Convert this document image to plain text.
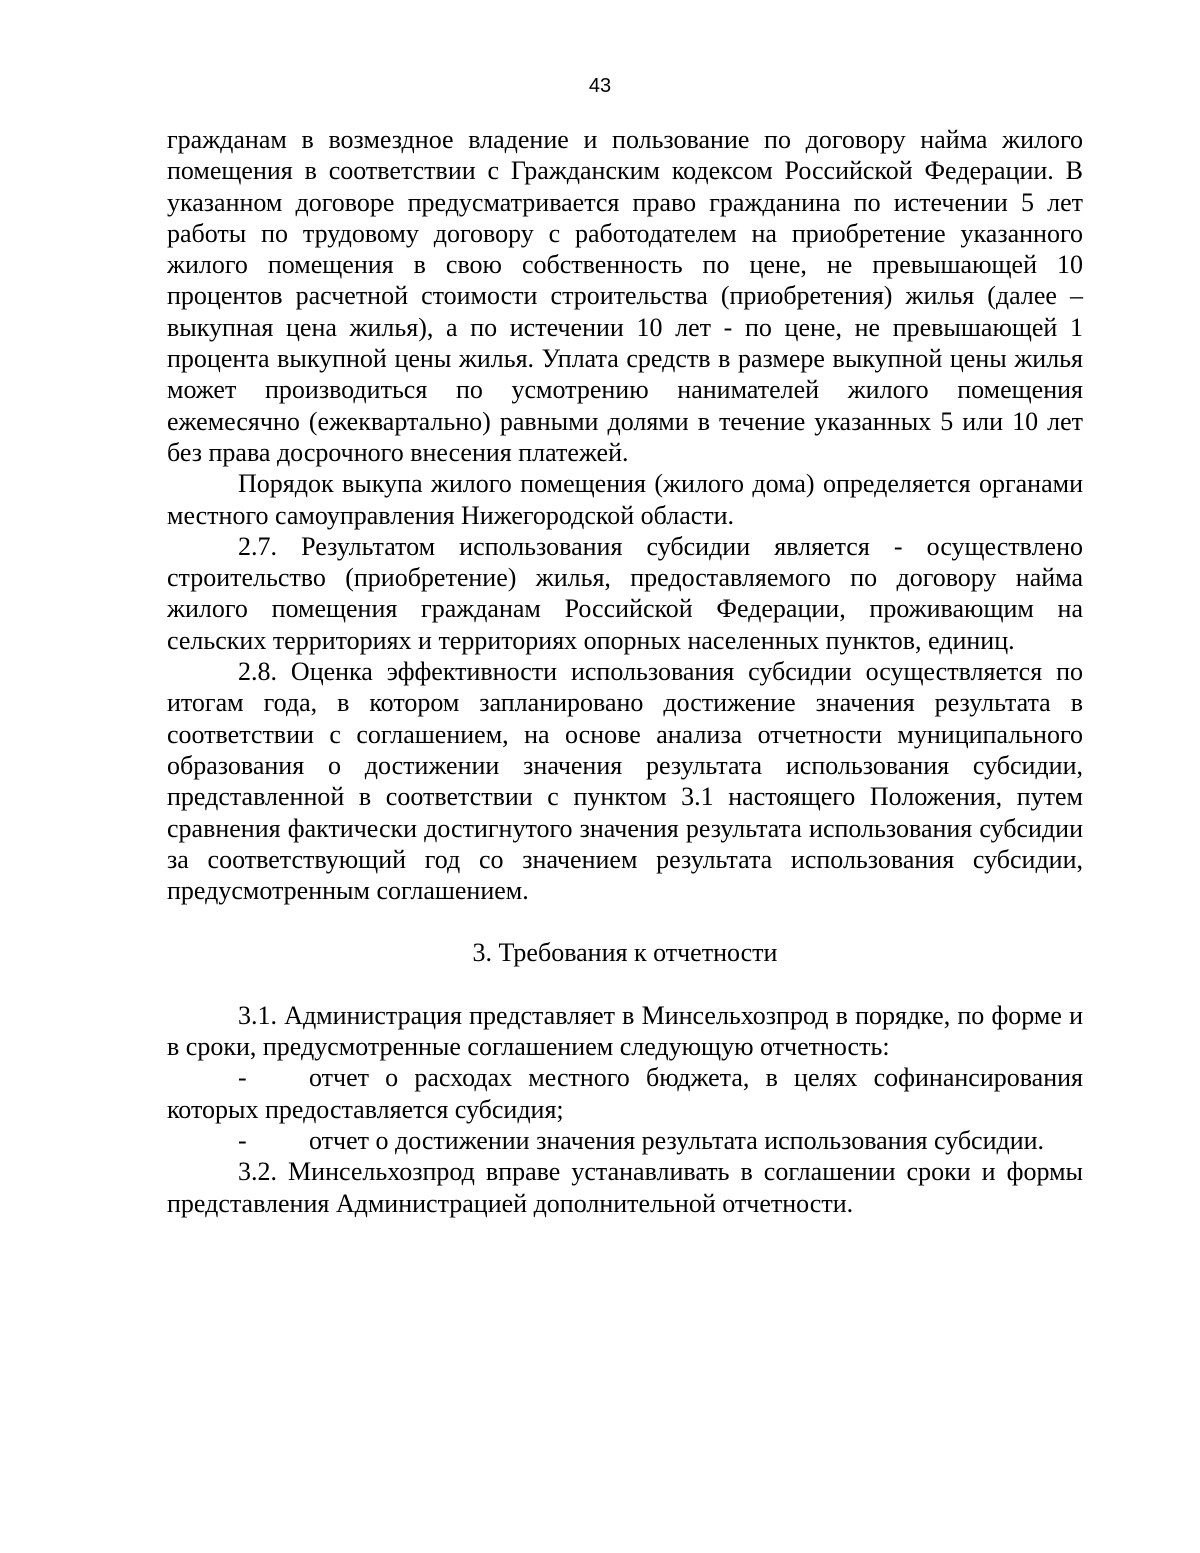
43

гражданам в возмездное владение и пользование по договору найма жилого помещения в соответствии с Гражданским кодексом Российской Федерации. В указанном договоре предусматривается право гражданина по истечении 5 лет работы по трудовому договору с работодателем на приобретение указанного жилого помещения в свою собственность по цене, не превышающей 10 процентов расчетной стоимости строительства (приобретения) жилья (далее – выкупная цена жилья), а по истечении 10 лет - по цене, не превышающей 1 процента выкупной цены жилья. Уплата средств в размере выкупной цены жилья может производиться по усмотрению нанимателей жилого помещения ежемесячно (ежеквартально) равными долями в течение указанных 5 или 10 лет без права досрочного внесения платежей.

Порядок выкупа жилого помещения (жилого дома) определяется органами местного самоуправления Нижегородской области.

2.7. Результатом использования субсидии является - осуществлено строительство (приобретение) жилья, предоставляемого по договору найма жилого помещения гражданам Российской Федерации, проживающим на сельских территориях и территориях опорных населенных пунктов, единиц.

2.8. Оценка эффективности использования субсидии осуществляется по итогам года, в котором запланировано достижение значения результата в соответствии с соглашением, на основе анализа отчетности муниципального образования о достижении значения результата использования субсидии, представленной в соответствии с пунктом 3.1 настоящего Положения, путем сравнения фактически достигнутого значения результата использования субсидии за соответствующий год со значением результата использования субсидии, предусмотренным соглашением.

3. Требования к отчетности

3.1. Администрация представляет в Минсельхозпрод в порядке, по форме и в сроки, предусмотренные соглашением следующую отчетность:

- отчет о расходах местного бюджета, в целях софинансирования которых предоставляется субсидия;

- отчет о достижении значения результата использования субсидии.

3.2. Минсельхозпрод вправе устанавливать в соглашении сроки и формы представления Администрацией дополнительной отчетности.
